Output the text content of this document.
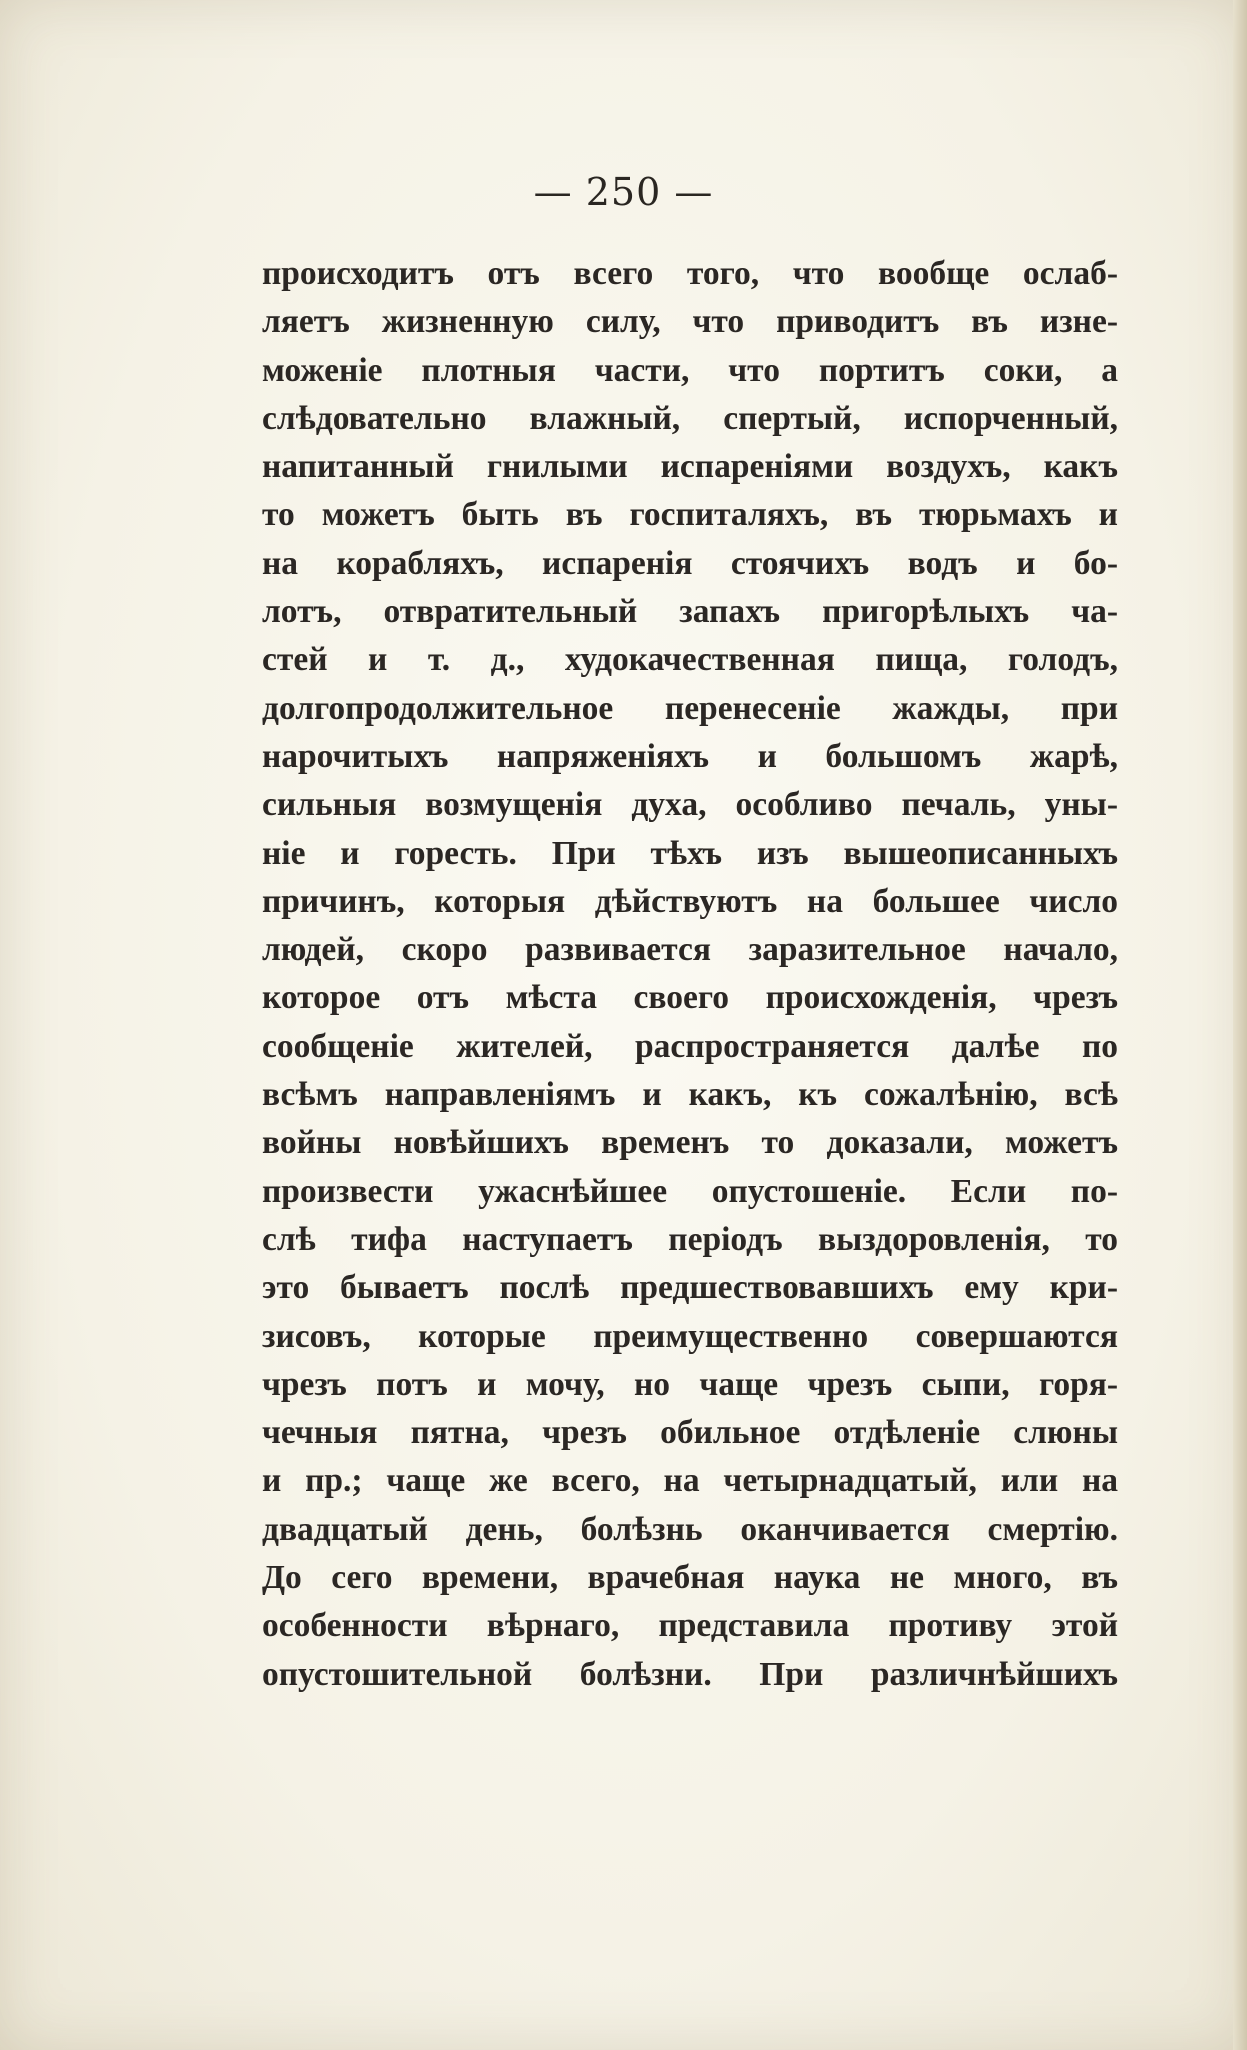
— 250 —
происходитъ отъ всего того, что вообще ослаб-
ляетъ жизненную силу, что приводитъ въ изне-
моженіе плотныя части, что портитъ соки, а
слѣдовательно влажный, спертый, испорченный,
напитанный гнилыми испареніями воздухъ, какъ
то можетъ быть въ госпиталяхъ, въ тюрьмахъ и
на корабляхъ, испаренія стоячихъ водъ и бо-
лотъ, отвратительный запахъ пригорѣлыхъ ча-
стей и т. д., худокачественная пища, голодъ,
долгопродолжительное перенесеніе жажды, при
нарочитыхъ напряженіяхъ и большомъ жарѣ,
сильныя возмущенія духа, особливо печаль, уны-
ніе и горесть. При тѣхъ изъ вышеописанныхъ
причинъ, которыя дѣйствуютъ на большее число
людей, скоро развивается заразительное начало,
которое отъ мѣста своего происхожденія, чрезъ
сообщеніе жителей, распространяется далѣе по
всѣмъ направленіямъ и какъ, къ сожалѣнію, всѣ
войны новѣйшихъ временъ то доказали, можетъ
произвести ужаснѣйшее опустошеніе. Если по-
слѣ тифа наступаетъ періодъ выздоровленія, то
это бываетъ послѣ предшествовавшихъ ему кри-
зисовъ, которые преимущественно совершаются
чрезъ потъ и мочу, но чаще чрезъ сыпи, горя-
чечныя пятна, чрезъ обильное отдѣленіе слюны
и пр.; чаще же всего, на четырнадцатый, или на
двадцатый день, болѣзнь оканчивается смертію.
До сего времени, врачебная наука не много, въ
особенности вѣрнаго, представила противу этой
опустошительной болѣзни. При различнѣйшихъ
